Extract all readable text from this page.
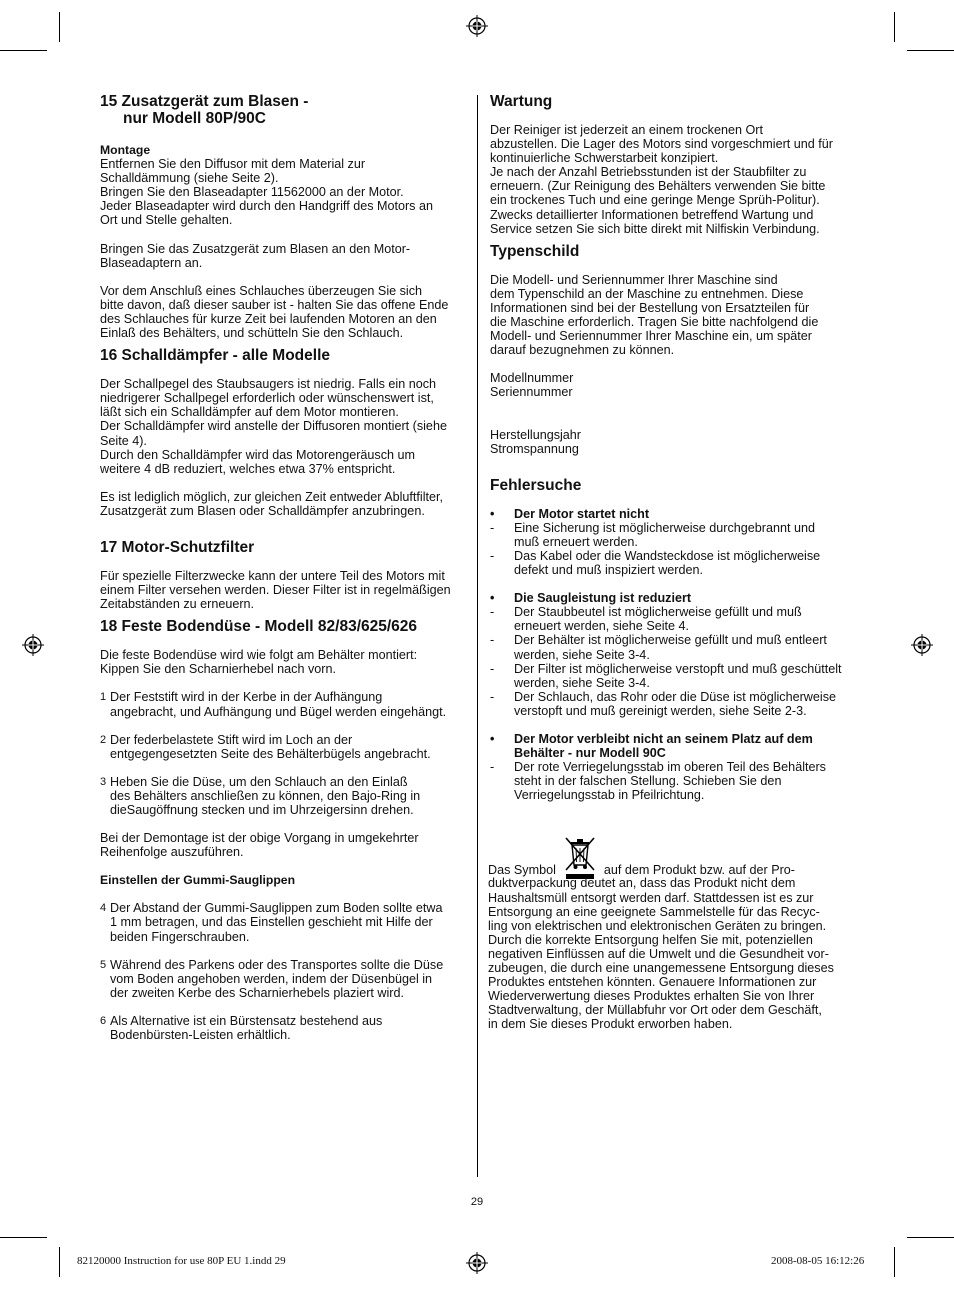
15 Zusatzgerät zum Blasen -
nur Modell 80P/90C

Montage

Entfernen Sie den Diffusor mit dem Material zur

Schalldämmung (siehe Seite 2).

Bringen Sie den Blaseadapter 11562000 an der Motor.

Jeder Blaseadapter wird durch den Handgriff des Motors an

Ort und Stelle gehalten.

Bringen Sie das Zusatzgerät zum Blasen an den Motor-

Blaseadaptern an.

Vor dem Anschluß eines Schlauches überzeugen Sie sich

bitte davon, daß dieser sauber ist - halten Sie das offene Ende

des Schlauches für kurze Zeit bei laufenden Motoren an den

Einlaß des Behälters, und schütteln Sie den Schlauch.

16 Schalldämpfer - alle Modelle

Der Schallpegel des Staubsaugers ist niedrig. Falls ein noch

niedrigerer Schallpegel erforderlich oder wünschenswert ist,

läßt sich ein Schalldämpfer auf dem Motor montieren.

Der Schalldämpfer wird anstelle der Diffusoren montiert (siehe

Seite 4).

Durch den Schalldämpfer wird das Motorengeräusch um

weitere 4 dB reduziert, welches etwa 37% entspricht.

Es ist lediglich möglich, zur gleichen Zeit entweder Abluftfilter,

Zusatzgerät zum Blasen oder Schalldämpfer anzubringen.

17 Motor-Schutzfilter

Für spezielle Filterzwecke kann der untere Teil des Motors mit

einem Filter versehen werden. Dieser Filter ist in regelmäßigen

Zeitabständen zu erneuern.

18 Feste Bodendüse - Modell 82/83/625/626

Die feste Bodendüse wird wie folgt am Behälter montiert:

Kippen Sie den Scharnierhebel nach vorn.

1 Der Feststift wird in der Kerbe in der Aufhängung

angebracht, und Aufhängung und Bügel werden eingehängt.

2 Der federbelastete Stift wird im Loch an der

entgegengesetzten Seite des Behälterbügels angebracht.

3 Heben Sie die Düse, um den Schlauch an den Einlaß

des Behälters anschließen zu können, den Bajo-Ring in

dieSaugöffnung stecken und im Uhrzeigersinn drehen.

Bei der Demontage ist der obige Vorgang in umgekehrter

Reihenfolge auszuführen.

Einstellen der Gummi-Sauglippen

4 Der Abstand der Gummi-Sauglippen zum Boden sollte etwa

1 mm betragen, und das Einstellen geschieht mit Hilfe der

beiden Fingerschrauben.

5 Während des Parkens oder des Transportes sollte die Düse

vom Boden angehoben werden, indem der Düsenbügel in

der zweiten Kerbe des Scharnierhebels plaziert wird.

6 Als Alternative ist ein Bürstensatz bestehend aus

Bodenbürsten-Leisten erhältlich.

Wartung

Der Reiniger ist jederzeit an einem trockenen Ort

abzustellen. Die Lager des Motors sind vorgeschmiert und für

kontinuierliche Schwerstarbeit konzipiert.

Je nach der Anzahl Betriebsstunden ist der Staubfilter zu

erneuern. (Zur Reinigung des Behälters verwenden Sie bitte

ein trockenes Tuch und eine geringe Menge Sprüh-Politur).

Zwecks detaillierter Informationen betreffend Wartung und

Service setzen Sie sich bitte direkt mit Nilfiskin Verbindung.

Typenschild

Die Modell- und Seriennummer Ihrer Maschine sind

dem Typenschild an der Maschine zu entnehmen. Diese

Informationen sind bei der Bestellung von Ersatzteilen für

die Maschine erforderlich. Tragen Sie bitte nachfolgend die

Modell- und Seriennummer Ihrer Maschine ein, um später

darauf bezugnehmen zu können.

Modellnummer

Seriennummer

Herstellungsjahr

Stromspannung

Fehlersuche
•	Der Motor startet nicht
-	Eine Sicherung ist möglicherweise durchgebrannt und

muß erneuert werden.

-	Das Kabel oder die Wandsteckdose ist möglicherweise

defekt und muß inspiziert werden.

•	Die Saugleistung ist reduziert
-	Der Staubbeutel ist möglicherweise gefüllt und muß

erneuert werden, siehe Seite 4.

-	Der Behälter ist möglicherweise gefüllt und muß entleert

werden, siehe Seite 3-4.

-	Der Filter ist möglicherweise verstopft und muß geschüttelt

werden, siehe Seite 3-4.

-	Der Schlauch, das Rohr oder die Düse ist möglicherweise

verstopft und muß gereinigt werden, siehe Seite 2-3.

•	Der Motor verbleibt nicht an seinem Platz auf dem

Behälter - nur Modell 90C

-	Der rote Verriegelungsstab im oberen Teil des Behälters

steht in der falschen Stellung. Schieben Sie den

Verriegelungsstab in Pfeilrichtung.

Das Symbol	auf dem Produkt bzw. auf der Pro-

duktverpackung deutet an, dass das Produkt nicht dem

Haushaltsmüll entsorgt werden darf. Stattdessen ist es zur

Entsorgung an eine geeignete Sammelstelle für das Recyc-

ling von elektrischen und elektronischen Geräten zu bringen.

Durch die korrekte Entsorgung helfen Sie mit, potenziellen

negativen Einflüssen auf die Umwelt und die Gesundheit vor-

zubeugen, die durch eine unangemessene Entsorgung dieses

Produktes entstehen könnten. Genauere Informationen zur

Wiederverwertung dieses Produktes erhalten Sie von Ihrer

Stadtverwaltung, der Müllabfuhr vor Ort oder dem Geschäft,

in dem Sie dieses Produkt erworben haben.

29
82120000 Instruction for use 80P EU 1.indd 29	2008-08-05 16:12:26
